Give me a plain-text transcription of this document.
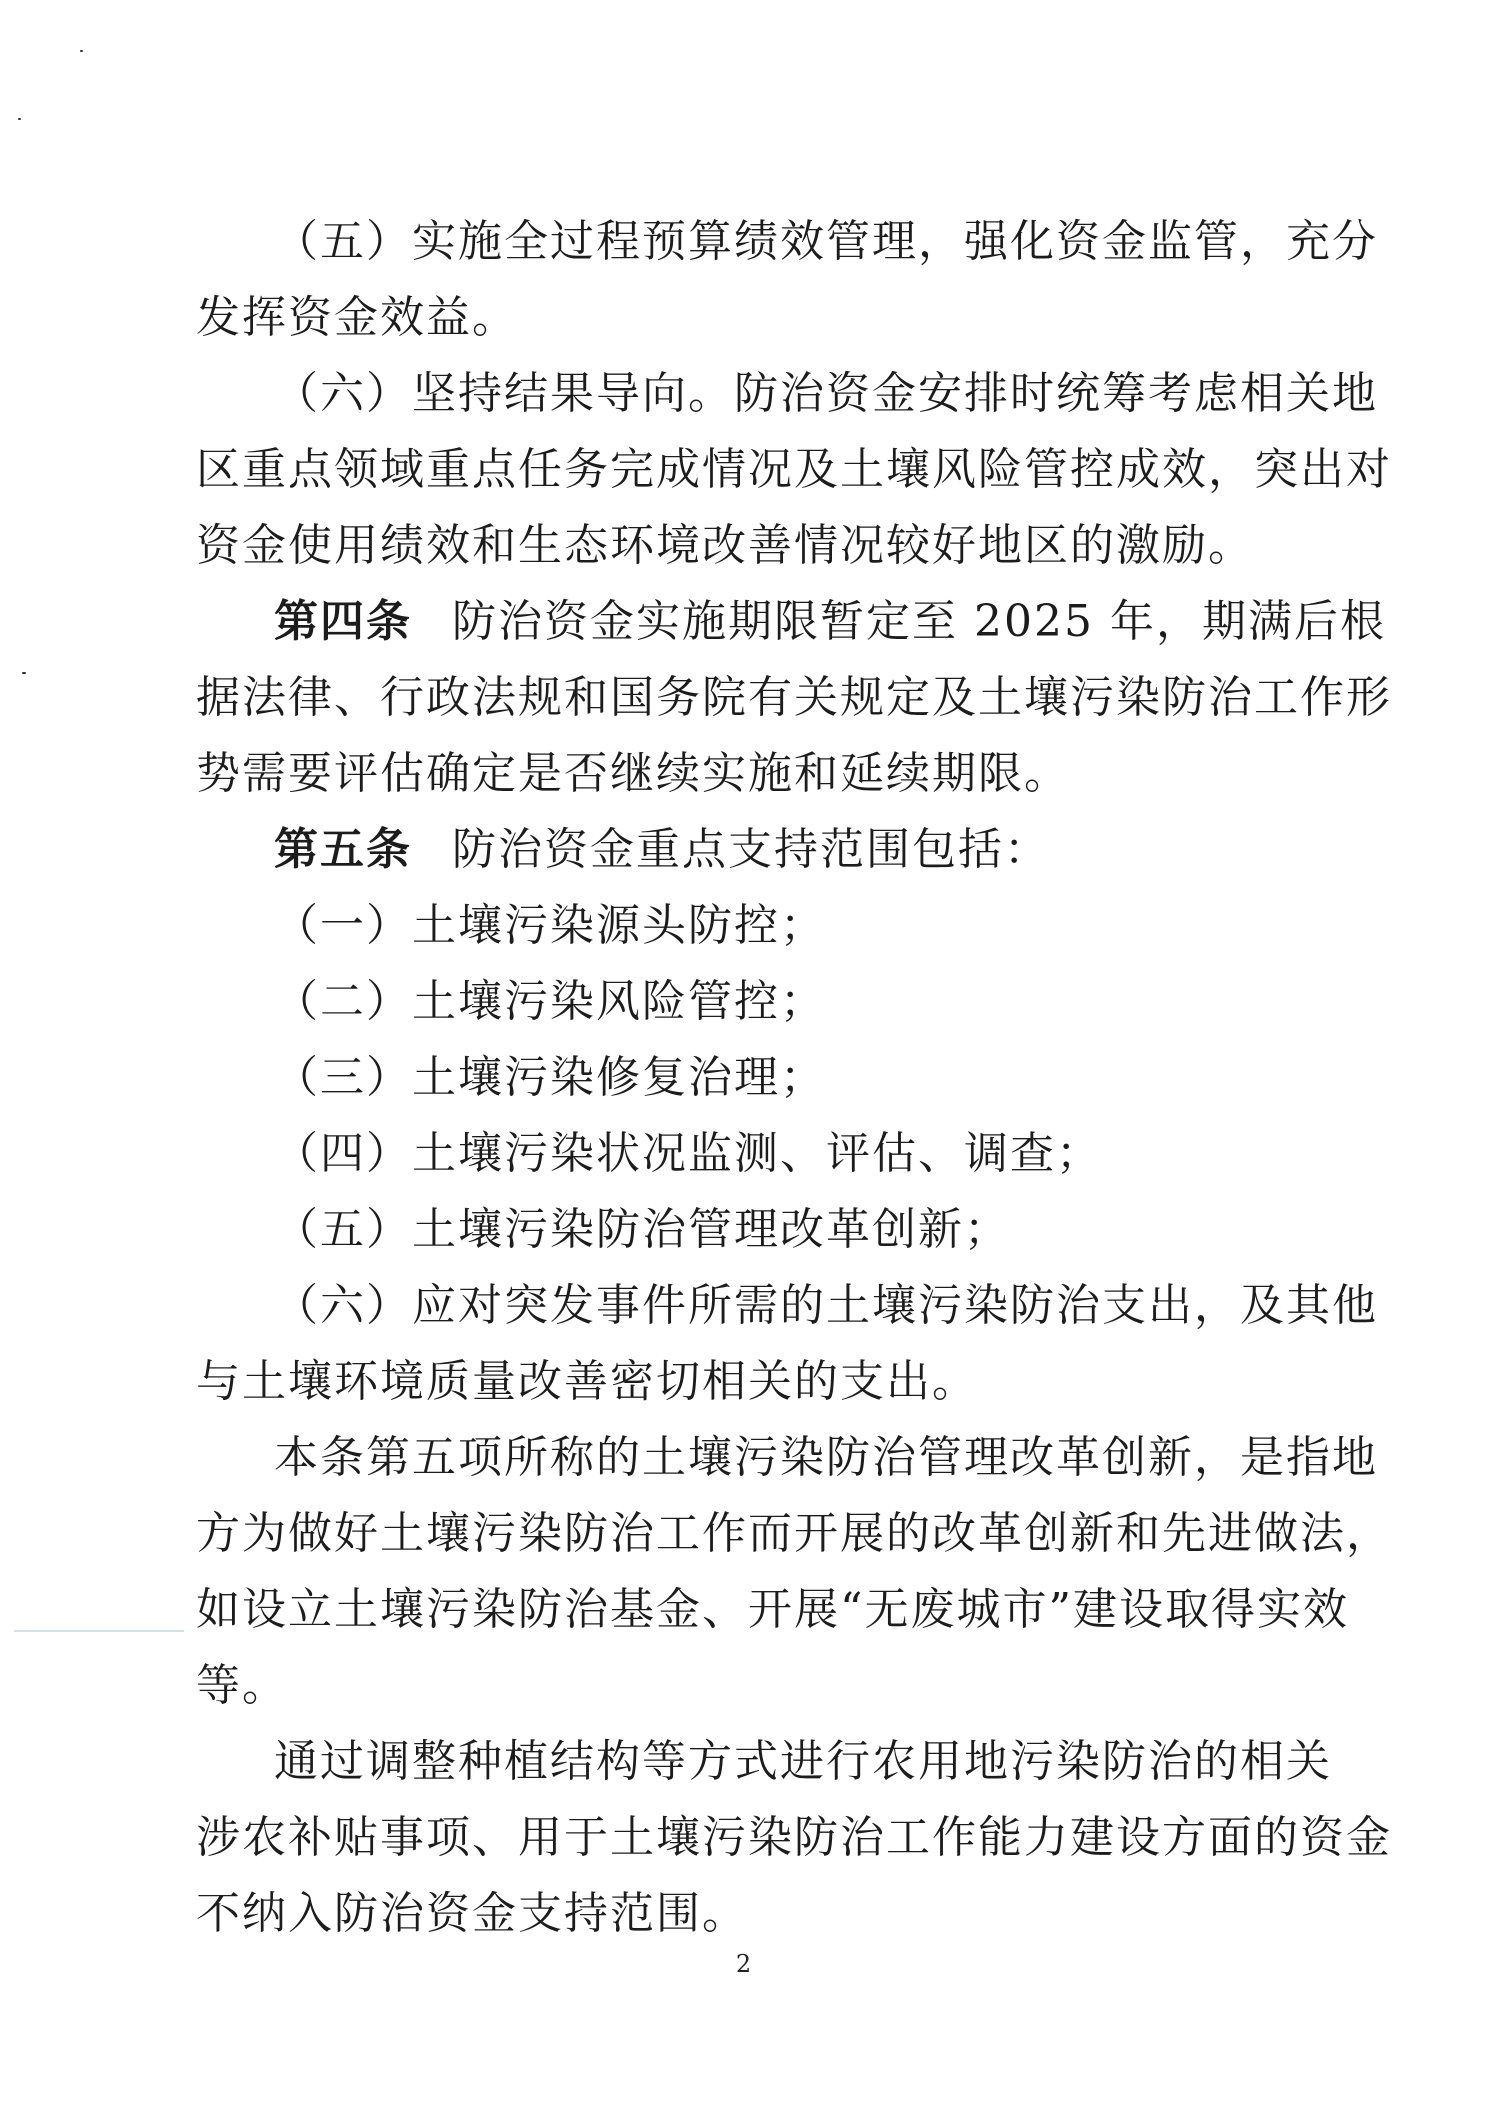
（五）实施全过程预算绩效管理，强化资金监管，充分
发挥资金效益。
（六）坚持结果导向。防治资金安排时统筹考虑相关地
区重点领域重点任务完成情况及土壤风险管控成效，突出对
资金使用绩效和生态环境改善情况较好地区的激励。
第四条 防治资金实施期限暂定至 2025 年，期满后根
据法律、行政法规和国务院有关规定及土壤污染防治工作形
势需要评估确定是否继续实施和延续期限。
第五条 防治资金重点支持范围包括：
（一）土壤污染源头防控；
（二）土壤污染风险管控；
（三）土壤污染修复治理；
（四）土壤污染状况监测、评估、调查；
（五）土壤污染防治管理改革创新；
（六）应对突发事件所需的土壤污染防治支出，及其他
与土壤环境质量改善密切相关的支出。
本条第五项所称的土壤污染防治管理改革创新，是指地
方为做好土壤污染防治工作而开展的改革创新和先进做法，
如设立土壤污染防治基金、开展“无废城市”建设取得实效
等。
通过调整种植结构等方式进行农用地污染防治的相关
涉农补贴事项、用于土壤污染防治工作能力建设方面的资金
不纳入防治资金支持范围。
2
